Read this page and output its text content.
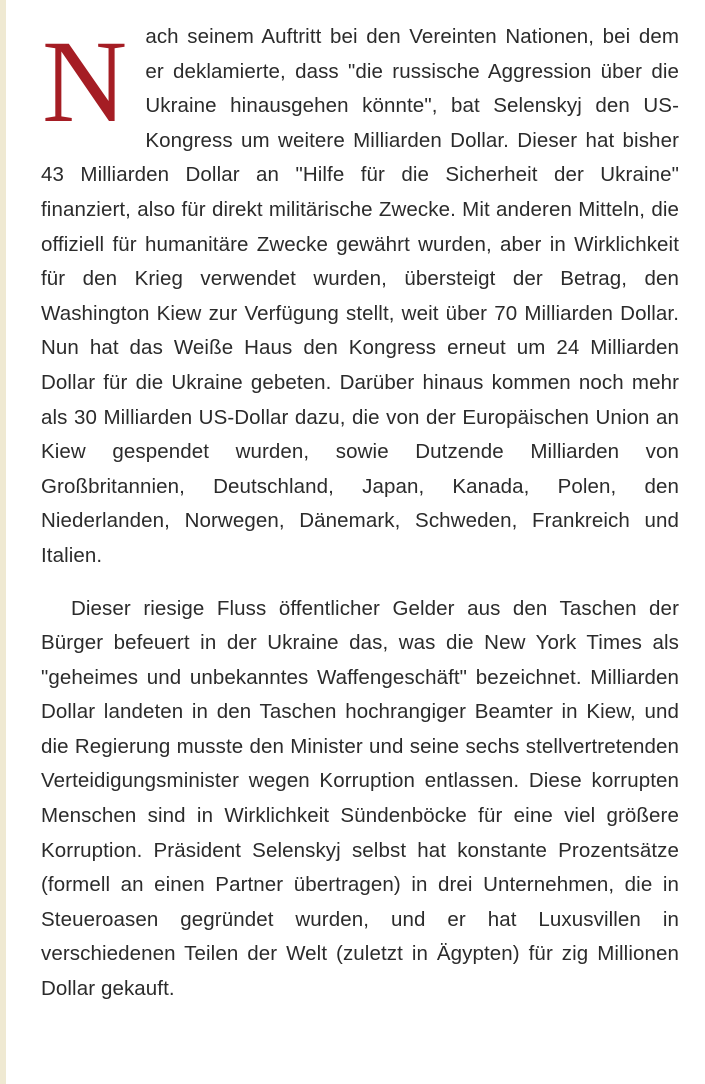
Nach seinem Auftritt bei den Vereinten Nationen, bei dem er deklamierte, dass "die russische Aggression über die Ukraine hinausgehen könnte", bat Selenskyj den US-Kongress um weitere Milliarden Dollar. Dieser hat bisher 43 Milliarden Dollar an "Hilfe für die Sicherheit der Ukraine" finanziert, also für direkt militärische Zwecke. Mit anderen Mitteln, die offiziell für humanitäre Zwecke gewährt wurden, aber in Wirklichkeit für den Krieg verwendet wurden, übersteigt der Betrag, den Washington Kiew zur Verfügung stellt, weit über 70 Milliarden Dollar. Nun hat das Weiße Haus den Kongress erneut um 24 Milliarden Dollar für die Ukraine gebeten. Darüber hinaus kommen noch mehr als 30 Milliarden US-Dollar dazu, die von der Europäischen Union an Kiew gespendet wurden, sowie Dutzende Milliarden von Großbritannien, Deutschland, Japan, Kanada, Polen, den Niederlanden, Norwegen, Dänemark, Schweden, Frankreich und Italien.

Dieser riesige Fluss öffentlicher Gelder aus den Taschen der Bürger befeuert in der Ukraine das, was die New York Times als "geheimes und unbekanntes Waffengeschäft" bezeichnet. Milliarden Dollar landeten in den Taschen hochrangiger Beamter in Kiew, und die Regierung musste den Minister und seine sechs stellvertretenden Verteidigungsminister wegen Korruption entlassen. Diese korrupten Menschen sind in Wirklichkeit Sündenböcke für eine viel größere Korruption. Präsident Selenskyj selbst hat konstante Prozentsätze (formell an einen Partner übertragen) in drei Unternehmen, die in Steueroasen gegründet wurden, und er hat Luxusvillen in verschiedenen Teilen der Welt (zuletzt in Ägypten) für zig Millionen Dollar gekauft.
